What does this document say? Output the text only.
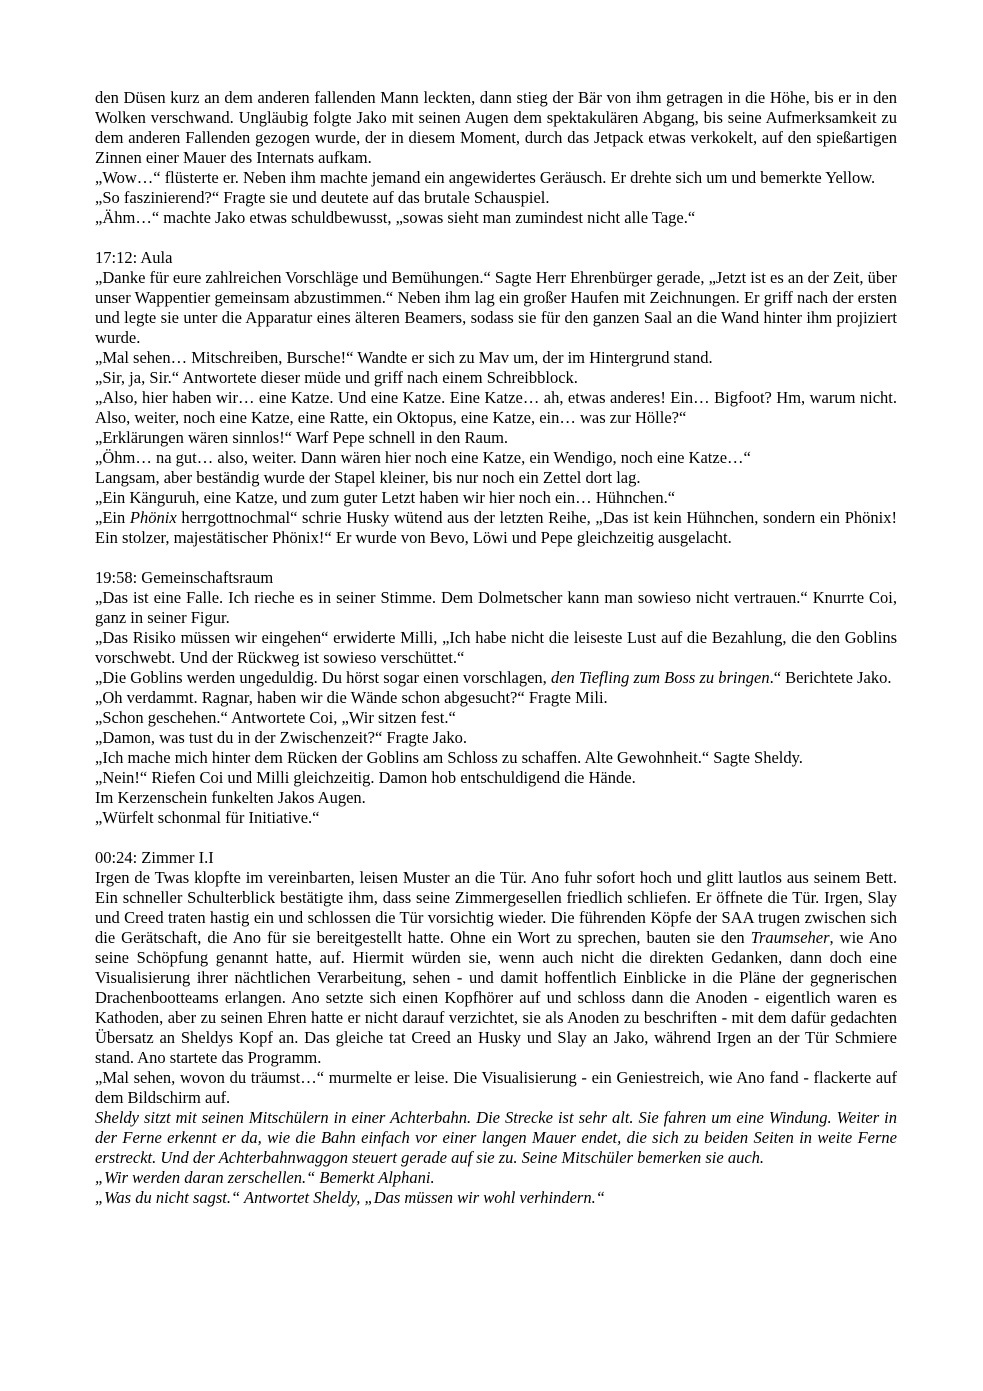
den Düsen kurz an dem anderen fallenden Mann leckten, dann stieg der Bär von ihm getragen in die Höhe, bis er in den Wolken verschwand. Ungläubig folgte Jako mit seinen Augen dem spektakulären Abgang, bis seine Aufmerksamkeit zu dem anderen Fallenden gezogen wurde, der in diesem Moment, durch das Jetpack etwas verkokelt, auf den spießartigen Zinnen einer Mauer des Internats aufkam.

„Wow…“ flüsterte er. Neben ihm machte jemand ein angewidertes Geräusch. Er drehte sich um und bemerkte Yellow.

„So faszinierend?“ Fragte sie und deutete auf das brutale Schauspiel.

„Ähm…“ machte Jako etwas schuldbewusst, „sowas sieht man zumindest nicht alle Tage.“

17:12: Aula

„Danke für eure zahlreichen Vorschläge und Bemühungen.“ Sagte Herr Ehrenbürger gerade, „Jetzt ist es an der Zeit, über unser Wappentier gemeinsam abzustimmen.“ Neben ihm lag ein großer Haufen mit Zeichnungen. Er griff nach der ersten und legte sie unter die Apparatur eines älteren Beamers, sodass sie für den ganzen Saal an die Wand hinter ihm projiziert wurde.

„Mal sehen… Mitschreiben, Bursche!“ Wandte er sich zu Mav um, der im Hintergrund stand.

„Sir, ja, Sir.“ Antwortete dieser müde und griff nach einem Schreibblock.

„Also, hier haben wir… eine Katze. Und eine Katze. Eine Katze… ah, etwas anderes! Ein… Bigfoot? Hm, warum nicht. Also, weiter, noch eine Katze, eine Ratte, ein Oktopus, eine Katze, ein… was zur Hölle?“

„Erklärungen wären sinnlos!“ Warf Pepe schnell in den Raum.

„Öhm… na gut… also, weiter. Dann wären hier noch eine Katze, ein Wendigo, noch eine Katze…“

Langsam, aber beständig wurde der Stapel kleiner, bis nur noch ein Zettel dort lag.

„Ein Känguruh, eine Katze, und zum guter Letzt haben wir hier noch ein… Hühnchen.“

„Ein Phönix herrgottnochmal“ schrie Husky wütend aus der letzten Reihe, „Das ist kein Hühnchen, sondern ein Phönix! Ein stolzer, majestätischer Phönix!“ Er wurde von Bevo, Löwi und Pepe gleichzeitig ausgelacht.

19:58: Gemeinschaftsraum

„Das ist eine Falle. Ich rieche es in seiner Stimme. Dem Dolmetscher kann man sowieso nicht vertrauen.“ Knurrte Coi, ganz in seiner Figur.

„Das Risiko müssen wir eingehen“ erwiderte Milli, „Ich habe nicht die leiseste Lust auf die Bezahlung, die den Goblins vorschwebt. Und der Rückweg ist sowieso verschüttet.“

„Die Goblins werden ungeduldig. Du hörst sogar einen vorschlagen, den Tiefling zum Boss zu bringen.“ Berichtete Jako.

„Oh verdammt. Ragnar, haben wir die Wände schon abgesucht?“ Fragte Mili.

„Schon geschehen.“ Antwortete Coi, „Wir sitzen fest.“

„Damon, was tust du in der Zwischenzeit?“ Fragte Jako.

„Ich mache mich hinter dem Rücken der Goblins am Schloss zu schaffen. Alte Gewohnheit.“ Sagte Sheldy.

„Nein!“ Riefen Coi und Milli gleichzeitig. Damon hob entschuldigend die Hände.

Im Kerzenschein funkelten Jakos Augen.

„Würfelt schonmal für Initiative.“

00:24: Zimmer I.I

Irgen de Twas klopfte im vereinbarten, leisen Muster an die Tür. Ano fuhr sofort hoch und glitt lautlos aus seinem Bett. Ein schneller Schulterblick bestätigte ihm, dass seine Zimmergesellen friedlich schliefen. Er öffnete die Tür. Irgen, Slay und Creed traten hastig ein und schlossen die Tür vorsichtig wieder. Die führenden Köpfe der SAA trugen zwischen sich die Gerätschaft, die Ano für sie bereitgestellt hatte. Ohne ein Wort zu sprechen, bauten sie den Traumseher, wie Ano seine Schöpfung genannt hatte, auf. Hiermit würden sie, wenn auch nicht die direkten Gedanken, dann doch eine Visualisierung ihrer nächtlichen Verarbeitung, sehen - und damit hoffentlich Einblicke in die Pläne der gegnerischen Drachenbootteams erlangen. Ano setzte sich einen Kopfhörer auf und schloss dann die Anoden - eigentlich waren es Kathoden, aber zu seinen Ehren hatte er nicht darauf verzichtet, sie als Anoden zu beschriften - mit dem dafür gedachten Übersatz an Sheldys Kopf an. Das gleiche tat Creed an Husky und Slay an Jako, während Irgen an der Tür Schmiere stand. Ano startete das Programm.

„Mal sehen, wovon du träumst…“ murmelte er leise. Die Visualisierung - ein Geniestreich, wie Ano fand - flackerte auf dem Bildschirm auf.

Sheldy sitzt mit seinen Mitschülern in einer Achterbahn. Die Strecke ist sehr alt. Sie fahren um eine Windung. Weiter in der Ferne erkennt er da, wie die Bahn einfach vor einer langen Mauer endet, die sich zu beiden Seiten in weite Ferne erstreckt. Und der Achterbahnwaggon steuert gerade auf sie zu. Seine Mitschüler bemerken sie auch.

„Wir werden daran zerschellen.“ Bemerkt Alphani.

„Was du nicht sagst.“ Antwortet Sheldy, „Das müssen wir wohl verhindern.“
